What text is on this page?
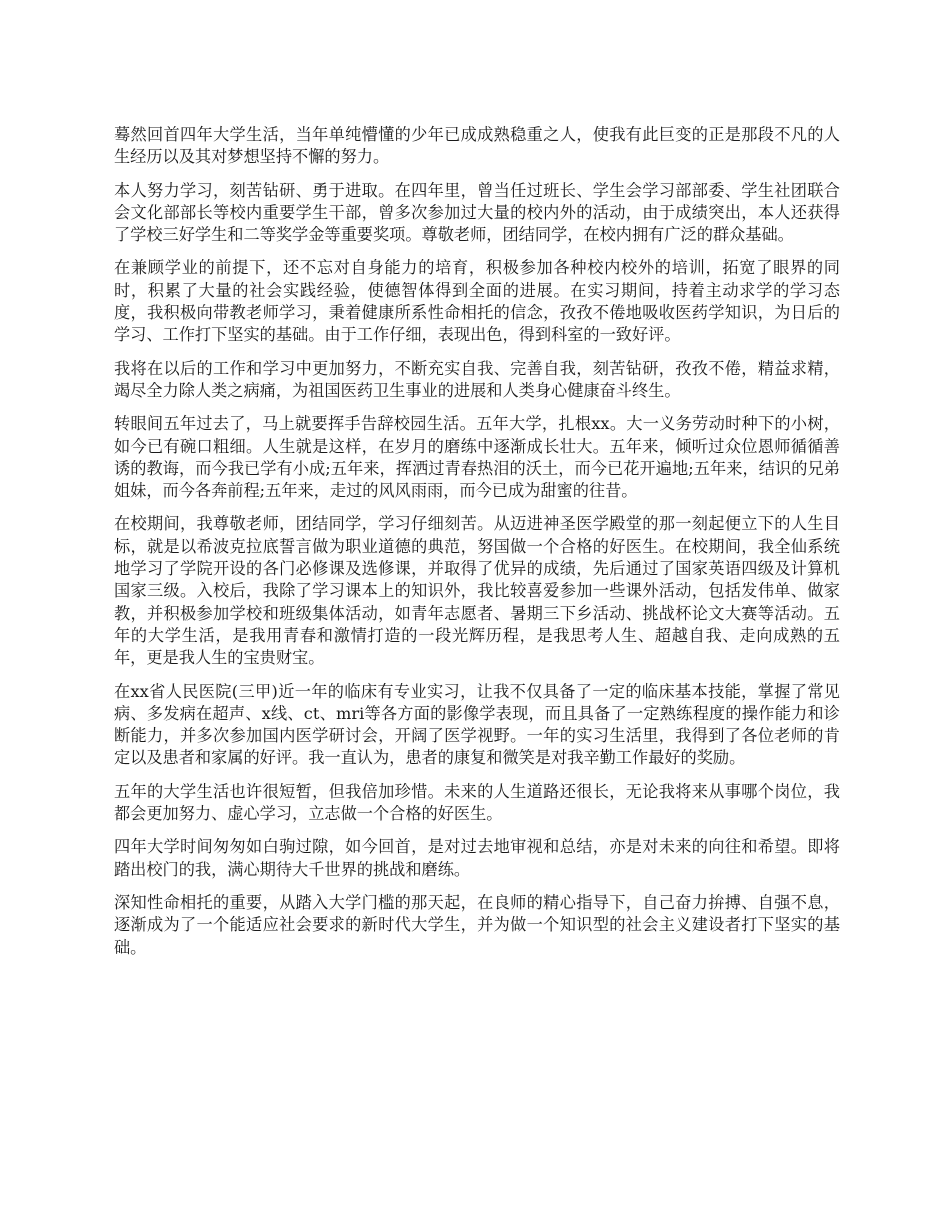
蓦然回首四年大学生活，当年单纯懵懂的少年已成成熟稳重之人，使我有此巨变的正是那段不凡的人生经历以及其对梦想坚持不懈的努力。

本人努力学习，刻苦钻研、勇于进取。在四年里，曾当任过班长、学生会学习部部委、学生社团联合会文化部部长等校内重要学生干部，曾多次参加过大量的校内外的活动，由于成绩突出，本人还获得了学校三好学生和二等奖学金等重要奖项。尊敬老师，团结同学，在校内拥有广泛的群众基础。

在兼顾学业的前提下，还不忘对自身能力的培育，积极参加各种校内校外的培训，拓宽了眼界的同时，积累了大量的社会实践经验，使德智体得到全面的进展。在实习期间，持着主动求学的学习态度，我积极向带教老师学习，秉着健康所系性命相托的信念，孜孜不倦地吸收医药学知识，为日后的学习、工作打下坚实的基础。由于工作仔细，表现出色，得到科室的一致好评。

我将在以后的工作和学习中更加努力，不断充实自我、完善自我，刻苦钻研，孜孜不倦，精益求精，竭尽全力除人类之病痛，为祖国医药卫生事业的进展和人类身心健康奋斗终生。

转眼间五年过去了，马上就要挥手告辞校园生活。五年大学，扎根xx。大一义务劳动时种下的小树，如今已有碗口粗细。人生就是这样，在岁月的磨练中逐渐成长壮大。五年来，倾听过众位恩师循循善诱的教诲，而今我已学有小成;五年来，挥洒过青春热泪的沃土，而今已花开遍地;五年来，结识的兄弟姐妹，而今各奔前程;五年来，走过的风风雨雨，而今已成为甜蜜的往昔。

在校期间，我尊敬老师，团结同学，学习仔细刻苦。从迈进神圣医学殿堂的那一刻起便立下的人生目标，就是以希波克拉底誓言做为职业道德的典范，努国做一个合格的好医生。在校期间，我全仙系统地学习了学院开设的各门必修课及选修课，并取得了优异的成绩，先后通过了国家英语四级及计算机国家三级。入校后，我除了学习课本上的知识外，我比较喜爱参加一些课外活动，包括发伟单、做家教，并积极参加学校和班级集体活动，如青年志愿者、暑期三下乡活动、挑战杯论文大赛等活动。五年的大学生活，是我用青春和激情打造的一段光辉历程，是我思考人生、超越自我、走向成熟的五年，更是我人生的宝贵财宝。

在xx省人民医院(三甲)近一年的临床有专业实习，让我不仅具备了一定的临床基本技能，掌握了常见病、多发病在超声、x线、ct、mri等各方面的影像学表现，而且具备了一定熟练程度的操作能力和诊断能力，并多次参加国内医学研讨会，开阔了医学视野。一年的实习生活里，我得到了各位老师的肯定以及患者和家属的好评。我一直认为，患者的康复和微笑是对我辛勤工作最好的奖励。

五年的大学生活也许很短暂，但我倍加珍惜。未来的人生道路还很长，无论我将来从事哪个岗位，我都会更加努力、虚心学习，立志做一个合格的好医生。

四年大学时间匆匆如白驹过隙，如今回首，是对过去地审视和总结，亦是对未来的向往和希望。即将踏出校门的我，满心期待大千世界的挑战和磨练。

深知性命相托的重要，从踏入大学门槛的那天起，在良师的精心指导下，自己奋力拚搏、自强不息，逐渐成为了一个能适应社会要求的新时代大学生，并为做一个知识型的社会主义建设者打下坚实的基础。
